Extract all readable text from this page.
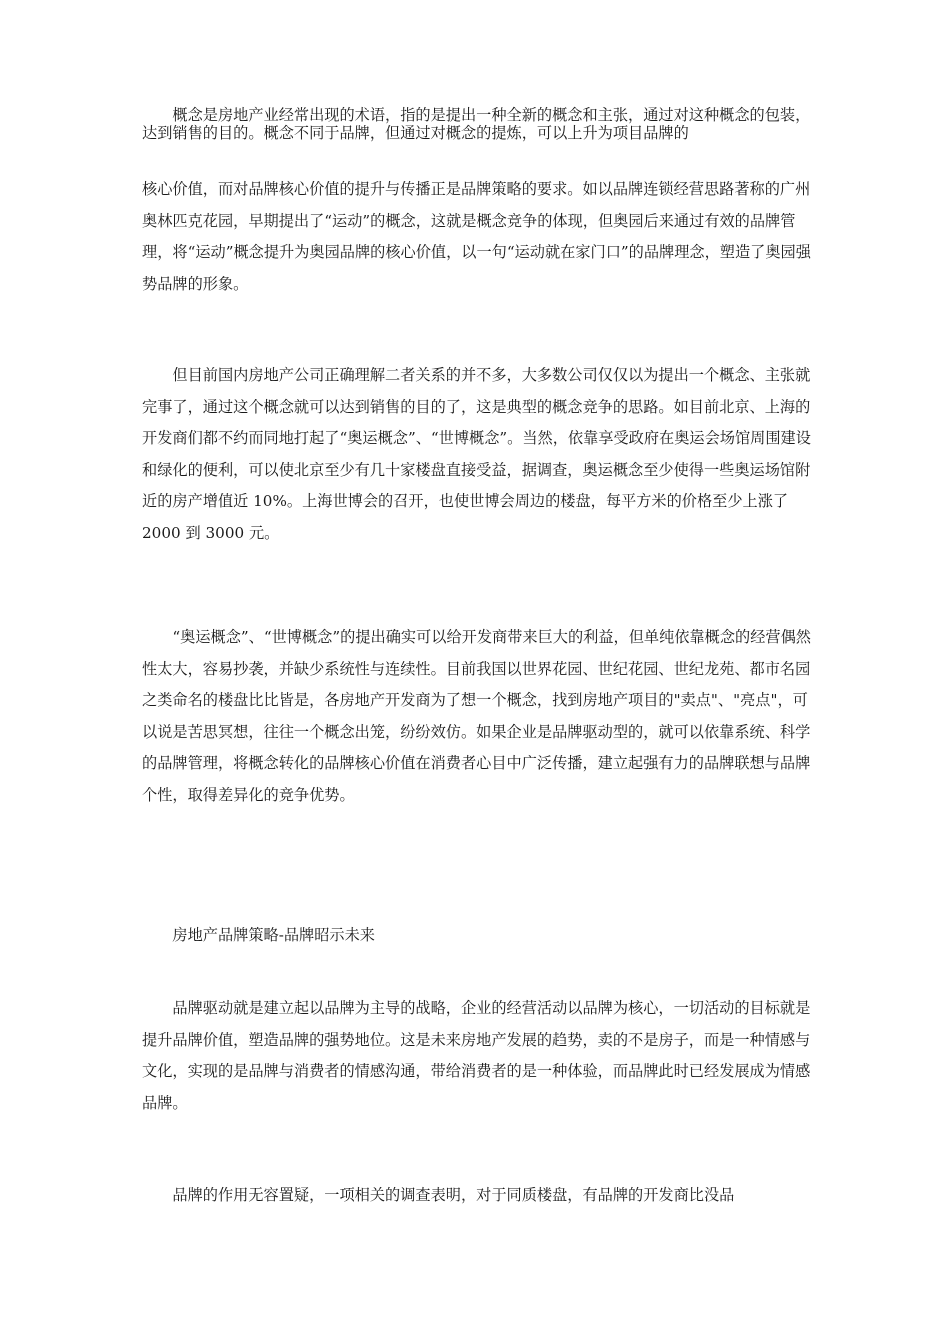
概念是房地产业经常出现的术语，指的是提出一种全新的概念和主张，通过对这种概念的包装，达到销售的目的。概念不同于品牌，但通过对概念的提炼，可以上升为项目品牌的

核心价值，而对品牌核心价值的提升与传播正是品牌策略的要求。如以品牌连锁经营思路著称的广州奥林匹克花园，早期提出了“运动”的概念，这就是概念竞争的体现，但奥园后来通过有效的品牌管理，将“运动”概念提升为奥园品牌的核心价值，以一句“运动就在家门口”的品牌理念，塑造了奥园强势品牌的形象。

但目前国内房地产公司正确理解二者关系的并不多，大多数公司仅仅以为提出一个概念、主张就完事了，通过这个概念就可以达到销售的目的了，这是典型的概念竞争的思路。如目前北京、上海的开发商们都不约而同地打起了“奥运概念”、“世博概念”。当然，依靠享受政府在奥运会场馆周围建设和绿化的便利，可以使北京至少有几十家楼盘直接受益，据调查，奥运概念至少使得一些奥运场馆附近的房产增值近 10%。上海世博会的召开，也使世博会周边的楼盘，每平方米的价格至少上涨了 2000 到 3000 元。

“奥运概念”、“世博概念”的提出确实可以给开发商带来巨大的利益，但单纯依靠概念的经营偶然性太大，容易抄袭，并缺少系统性与连续性。目前我国以世界花园、世纪花园、世纪龙苑、都市名园之类命名的楼盘比比皆是，各房地产开发商为了想一个概念，找到房地产项目的"卖点"、"亮点"，可以说是苦思冥想，往往一个概念出笼，纷纷效仿。如果企业是品牌驱动型的，就可以依靠系统、科学的品牌管理，将概念转化的品牌核心价值在消费者心目中广泛传播，建立起强有力的品牌联想与品牌个性，取得差异化的竞争优势。

房地产品牌策略-品牌昭示未来

品牌驱动就是建立起以品牌为主导的战略，企业的经营活动以品牌为核心，一切活动的目标就是提升品牌价值，塑造品牌的强势地位。这是未来房地产发展的趋势，卖的不是房子，而是一种情感与文化，实现的是品牌与消费者的情感沟通，带给消费者的是一种体验，而品牌此时已经发展成为情感品牌。

品牌的作用无容置疑，一项相关的调查表明，对于同质楼盘，有品牌的开发商比没品
